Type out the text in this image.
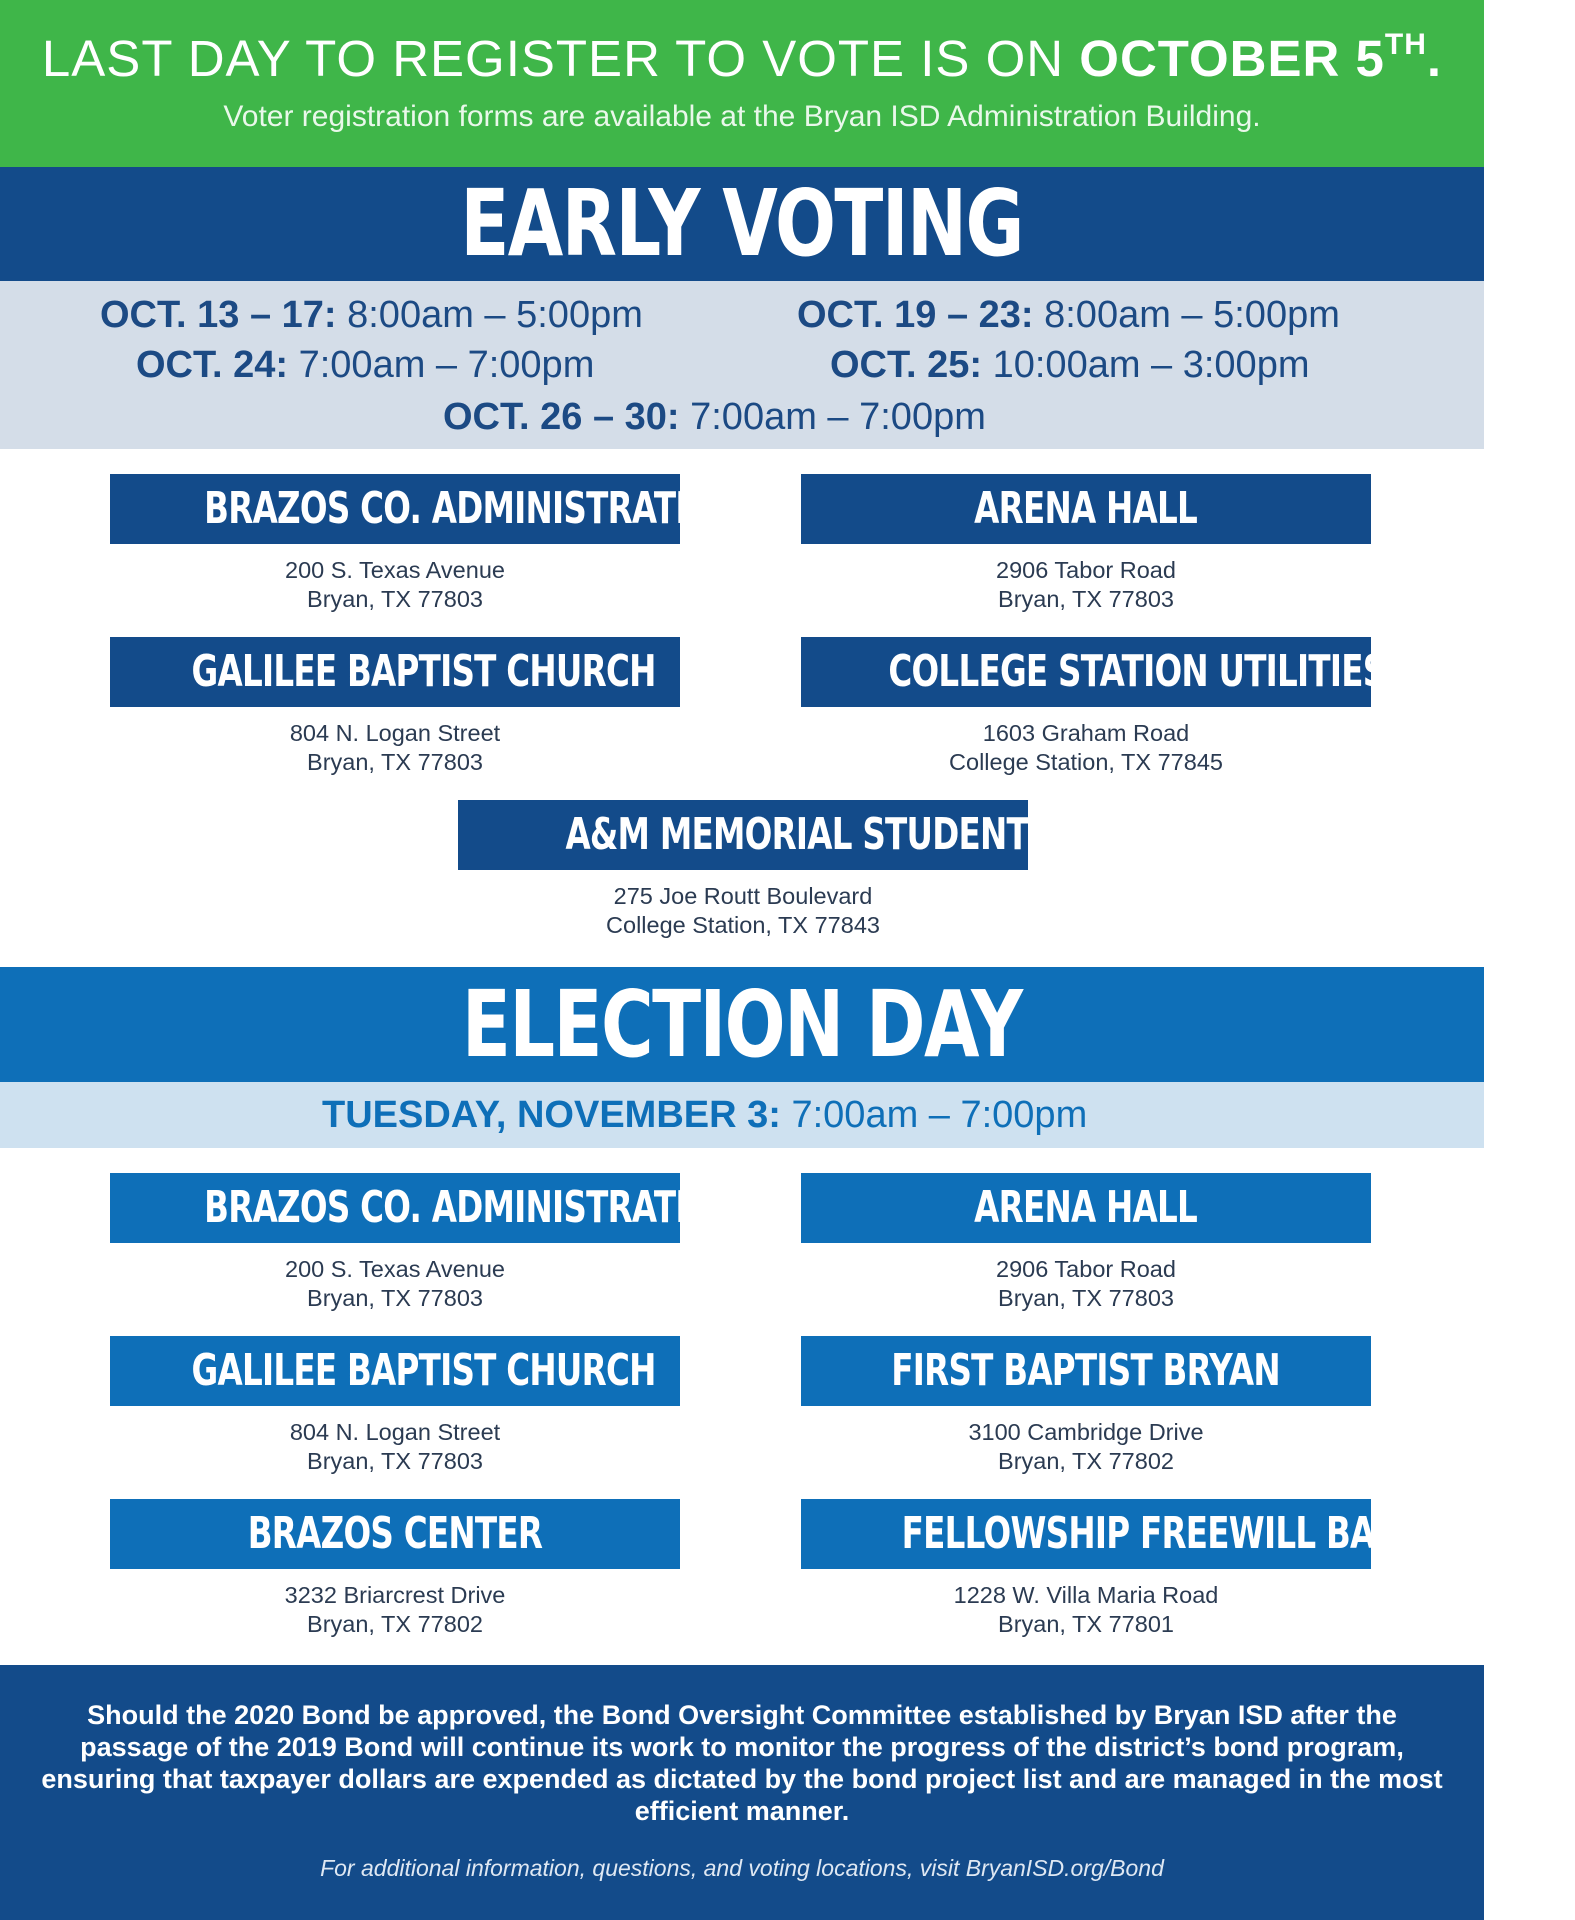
LAST DAY TO REGISTER TO VOTE IS ON OCTOBER 5TH.
Voter registration forms are available at the Bryan ISD Administration Building.
EARLY VOTING
OCT. 13 – 17: 8:00am – 5:00pm	OCT. 19 – 23: 8:00am – 5:00pm
OCT. 24: 7:00am – 7:00pm	OCT. 25: 10:00am – 3:00pm
OCT. 26 – 30: 7:00am – 7:00pm
BRAZOS CO. ADMINISTRATION
200 S. Texas Avenue
Bryan, TX 77803
ARENA HALL
2906 Tabor Road
Bryan, TX 77803
GALILEE BAPTIST CHURCH
804 N. Logan Street
Bryan, TX 77803
COLLEGE STATION UTILITIES
1603 Graham Road
College Station, TX 77845
A&M MEMORIAL STUDENT CENTER
275 Joe Routt Boulevard
College Station, TX 77843
ELECTION DAY
TUESDAY, NOVEMBER 3: 7:00am – 7:00pm
BRAZOS CO. ADMINISTRATION
200 S. Texas Avenue
Bryan, TX 77803
ARENA HALL
2906 Tabor Road
Bryan, TX 77803
GALILEE BAPTIST CHURCH
804 N. Logan Street
Bryan, TX 77803
FIRST BAPTIST BRYAN
3100 Cambridge Drive
Bryan, TX 77802
BRAZOS CENTER
3232 Briarcrest Drive
Bryan, TX 77802
FELLOWSHIP FREEWILL BAPTIST
1228 W. Villa Maria Road
Bryan, TX 77801
Should the 2020 Bond be approved, the Bond Oversight Committee established by Bryan ISD after the passage of the 2019 Bond will continue its work to monitor the progress of the district’s bond program, ensuring that taxpayer dollars are expended as dictated by the bond project list and are managed in the most efficient manner.
For additional information, questions, and voting locations, visit BryanISD.org/Bond
